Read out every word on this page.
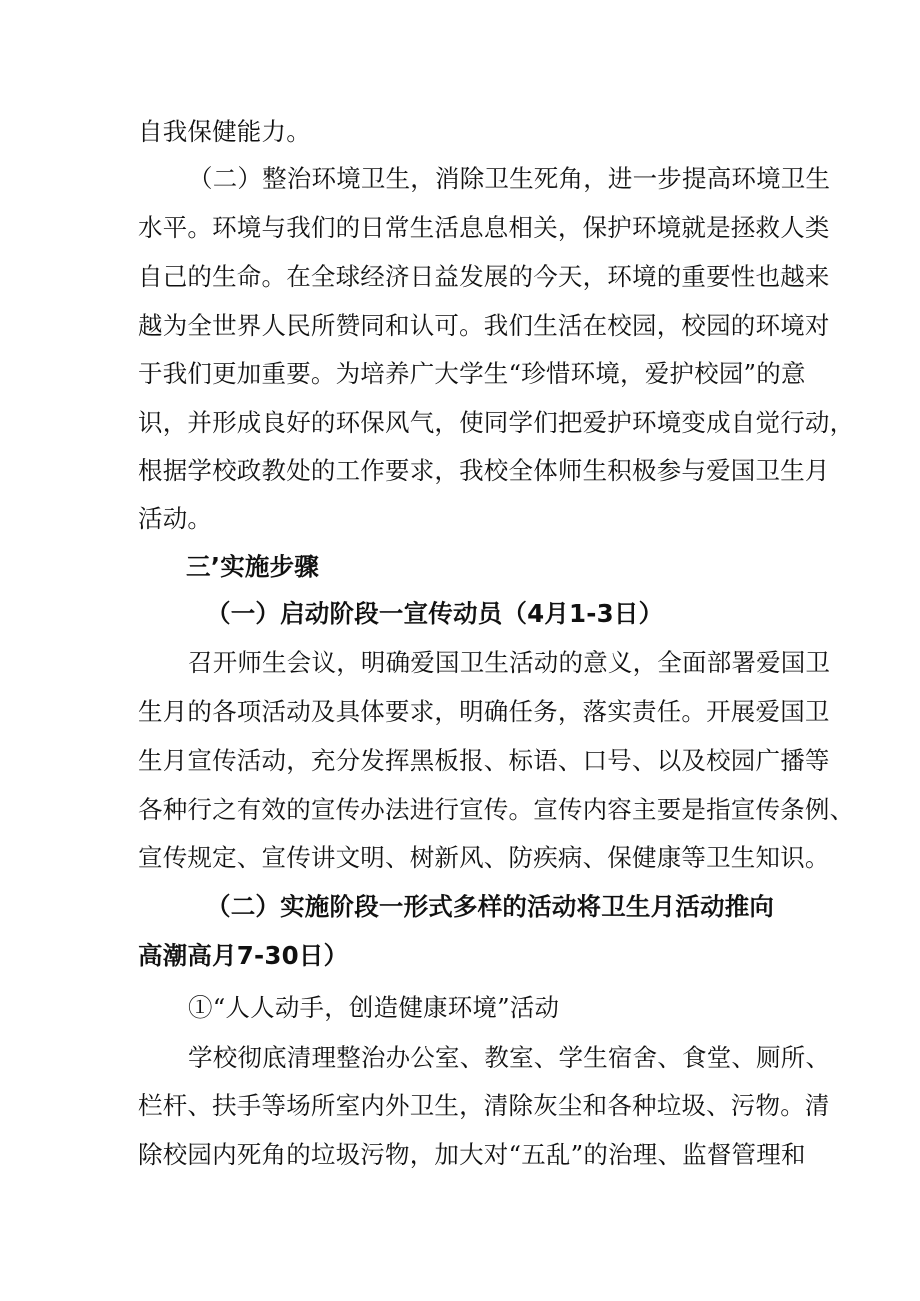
自我保健能力。
（二）整治环境卫生，消除卫生死角，进一步提高环境卫生
水平。环境与我们的日常生活息息相关，保护环境就是拯救人类
自己的生命。在全球经济日益发展的今天，环境的重要性也越来
越为全世界人民所赞同和认可。我们生活在校园，校园的环境对
于我们更加重要。为培养广大学生“珍惜环境，爱护校园”的意
识，并形成良好的环保风气，使同学们把爱护环境变成自觉行动，
根据学校政教处的工作要求，我校全体师生积极参与爱国卫生月
活动。
三’实施步骤
（一）启动阶段一宣传动员（4月1-3日）
召开师生会议，明确爱国卫生活动的意义，全面部署爱国卫
生月的各项活动及具体要求，明确任务，落实责任。开展爱国卫
生月宣传活动，充分发挥黑板报、标语、口号、以及校园广播等
各种行之有效的宣传办法进行宣传。宣传内容主要是指宣传条例、
宣传规定、宣传讲文明、树新风、防疾病、保健康等卫生知识。
（二）实施阶段一形式多样的活动将卫生月活动推向
高潮高月7-30日）
①“人人动手，创造健康环境”活动
学校彻底清理整治办公室、教室、学生宿舍、食堂、厕所、
栏杆、扶手等场所室内外卫生，清除灰尘和各种垃圾、污物。清
除校园内死角的垃圾污物，加大对“五乱”的治理、监督管理和
